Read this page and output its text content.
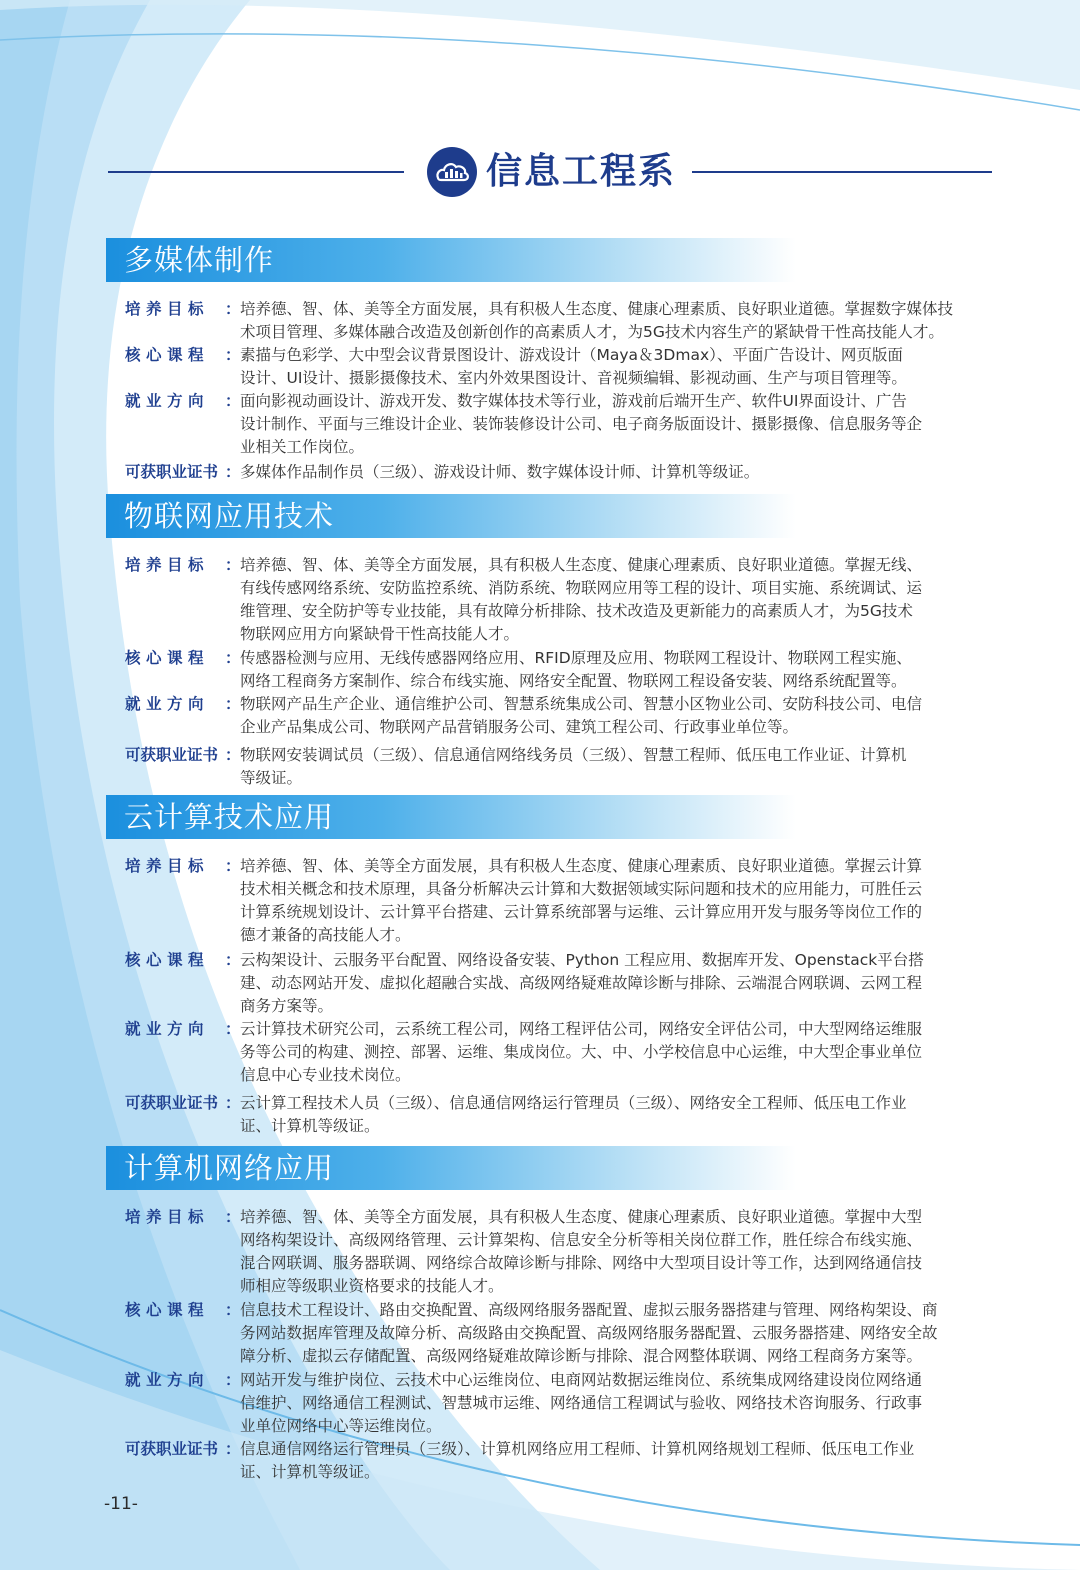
信息工程系
多媒体制作
培养目标 ：
培养德、智、体、美等全方面发展，具有积极人生态度、健康心理素质、良好职业道德。掌握数字媒体技
术项目管理、多媒体融合改造及创新创作的高素质人才，为5G技术内容生产的紧缺骨干性高技能人才。
核心课程 ：
素描与色彩学、大中型会议背景图设计、游戏设计（Maya＆3Dmax）、平面广告设计、网页版面
设计、UI设计、摄影摄像技术、室内外效果图设计、音视频编辑、影视动画、生产与项目管理等。
就业方向 ：
面向影视动画设计、游戏开发、数字媒体技术等行业，游戏前后端开生产、软件UI界面设计、广告
设计制作、平面与三维设计企业、装饰装修设计公司、电子商务版面设计、摄影摄像、信息服务等企
业相关工作岗位。
可获职业证书 ： 多媒体作品制作员（三级）、游戏设计师、数字媒体设计师、计算机等级证。
物联网应用技术
培养目标 ：
培养德、智、体、美等全方面发展，具有积极人生态度、健康心理素质、良好职业道德。掌握无线、
有线传感网络系统、安防监控系统、消防系统、物联网应用等工程的设计、项目实施、系统调试、运
维管理、安全防护等专业技能，具有故障分析排除、技术改造及更新能力的高素质人才，为5G技术
物联网应用方向紧缺骨干性高技能人才。
核心课程 ：
传感器检测与应用、无线传感器网络应用、RFID原理及应用、物联网工程设计、物联网工程实施、
网络工程商务方案制作、综合布线实施、网络安全配置、物联网工程设备安装、网络系统配置等。
就业方向 ：
物联网产品生产企业、通信维护公司、智慧系统集成公司、智慧小区物业公司、安防科技公司、电信
企业产品集成公司、物联网产品营销服务公司、建筑工程公司、行政事业单位等。
可获职业证书 ： 物联网安装调试员（三级）、信息通信网络线务员（三级）、智慧工程师、低压电工作业证、计算机
等级证。
云计算技术应用
培养目标 ：
培养德、智、体、美等全方面发展，具有积极人生态度、健康心理素质、良好职业道德。掌握云计算
技术相关概念和技术原理，具备分析解决云计算和大数据领域实际问题和技术的应用能力，可胜任云
计算系统规划设计、云计算平台搭建、云计算系统部署与运维、云计算应用开发与服务等岗位工作的
德才兼备的高技能人才。
核心课程 ：
云构架设计、云服务平台配置、网络设备安装、Python 工程应用、数据库开发、Openstack平台搭
建、动态网站开发、虚拟化超融合实战、高级网络疑难故障诊断与排除、云端混合网联调、云网工程
商务方案等。
就业方向 ：
云计算技术研究公司，云系统工程公司，网络工程评估公司，网络安全评估公司，中大型网络运维服
务等公司的构建、测控、部署、运维、集成岗位。大、中、小学校信息中心运维，中大型企事业单位
信息中心专业技术岗位。
可获职业证书 ： 云计算工程技术人员（三级）、信息通信网络运行管理员（三级）、网络安全工程师、低压电工作业
证、计算机等级证。
计算机网络应用
培养目标 ：
培养德、智、体、美等全方面发展，具有积极人生态度、健康心理素质、良好职业道德。掌握中大型
网络构架设计、高级网络管理、云计算架构、信息安全分析等相关岗位群工作，胜任综合布线实施、
混合网联调、服务器联调、网络综合故障诊断与排除、网络中大型项目设计等工作，达到网络通信技
师相应等级职业资格要求的技能人才。
核心课程 ：
信息技术工程设计、路由交换配置、高级网络服务器配置、虚拟云服务器搭建与管理、网络构架设、商
务网站数据库管理及故障分析、高级路由交换配置、高级网络服务器配置、云服务器搭建、网络安全故
障分析、虚拟云存储配置、高级网络疑难故障诊断与排除、混合网整体联调、网络工程商务方案等。
就业方向 ：
网站开发与维护岗位、云技术中心运维岗位、电商网站数据运维岗位、系统集成网络建设岗位网络通
信维护、网络通信工程测试、智慧城市运维、网络通信工程调试与验收、网络技术咨询服务、行政事
业单位网络中心等运维岗位。
可获职业证书 ： 信息通信网络运行管理员（三级）、计算机网络应用工程师、计算机网络规划工程师、低压电工作业
证、计算机等级证。
-11-
